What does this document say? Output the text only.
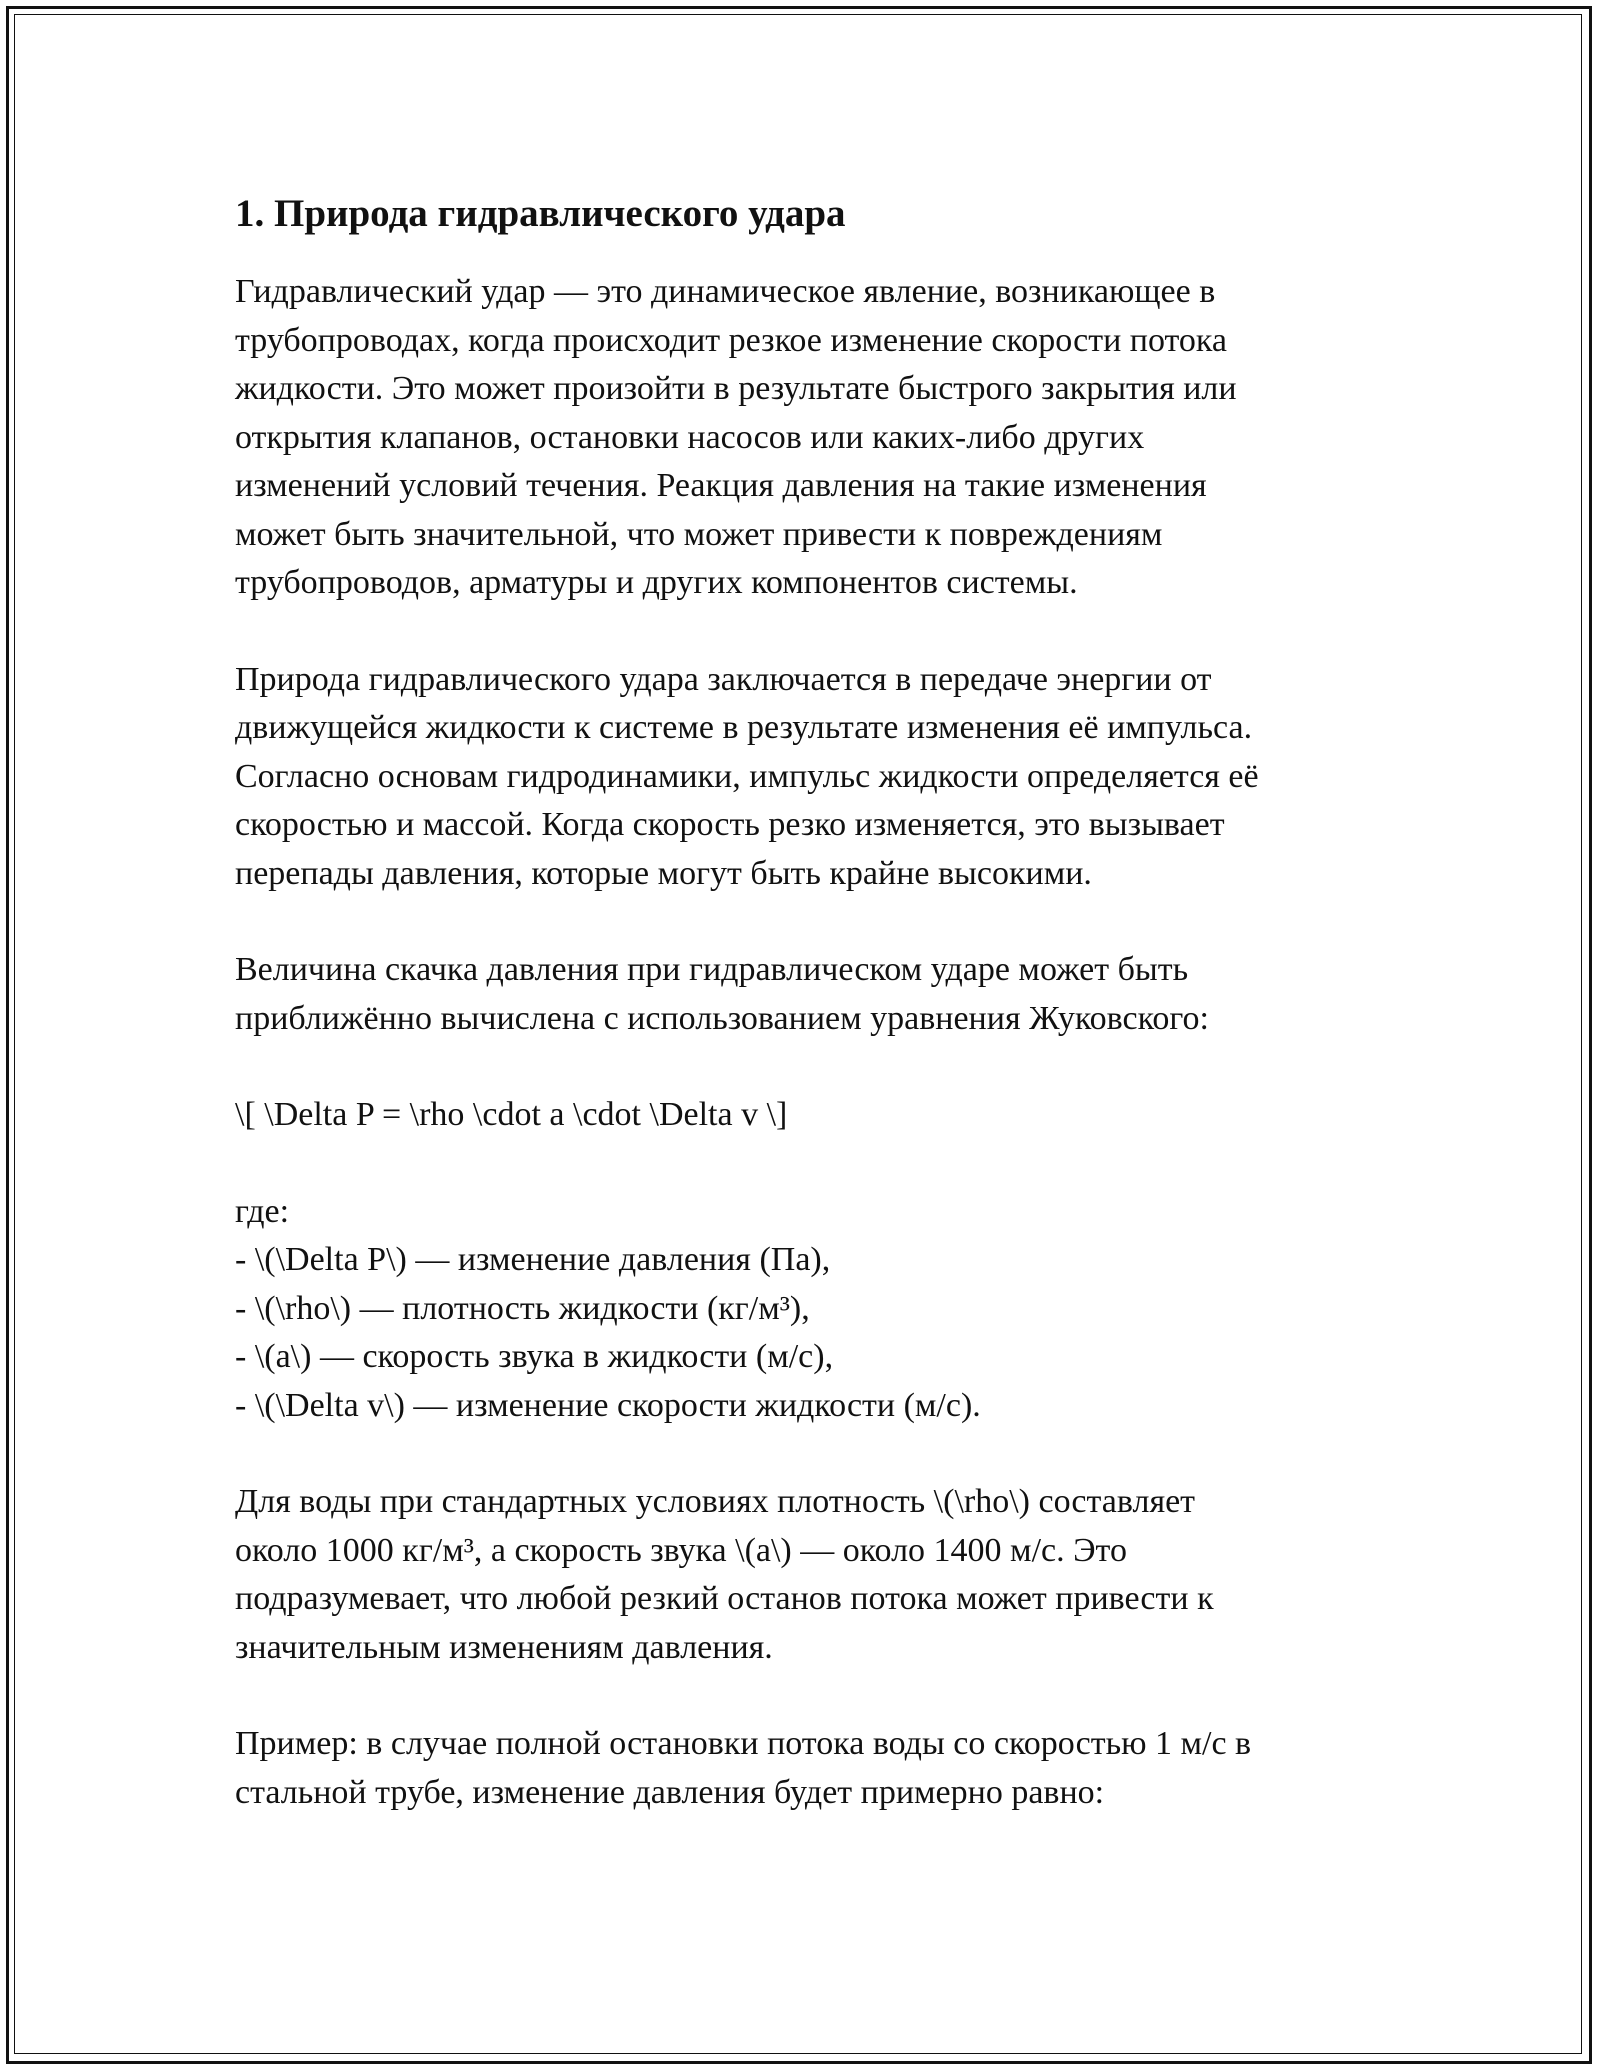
1. Природа гидравлического удара

Гидравлический удар — это динамическое явление, возникающее в
трубопроводах, когда происходит резкое изменение скорости потока
жидкости. Это может произойти в результате быстрого закрытия или
открытия клапанов, остановки насосов или каких-либо других
изменений условий течения. Реакция давления на такие изменения
может быть значительной, что может привести к повреждениям
трубопроводов, арматуры и других компонентов системы.

Природа гидравлического удара заключается в передаче энергии от
движущейся жидкости к системе в результате изменения её импульса.
Согласно основам гидродинамики, импульс жидкости определяется её
скоростью и массой. Когда скорость резко изменяется, это вызывает
перепады давления, которые могут быть крайне высокими.

Величина скачка давления при гидравлическом ударе может быть
приближённо вычислена с использованием уравнения Жуковского:

\[ \Delta P = \rho \cdot a \cdot \Delta v \]

где:
- \(\Delta P\) — изменение давления (Па),
- \(\rho\) — плотность жидкости (кг/м³),
- \(a\) — скорость звука в жидкости (м/с),
- \(\Delta v\) — изменение скорости жидкости (м/с).

Для воды при стандартных условиях плотность \(\rho\) составляет
около 1000 кг/м³, а скорость звука \(a\) — около 1400 м/с. Это
подразумевает, что любой резкий останов потока может привести к
значительным изменениям давления.

Пример: в случае полной остановки потока воды со скоростью 1 м/с в
стальной трубе, изменение давления будет примерно равно:
